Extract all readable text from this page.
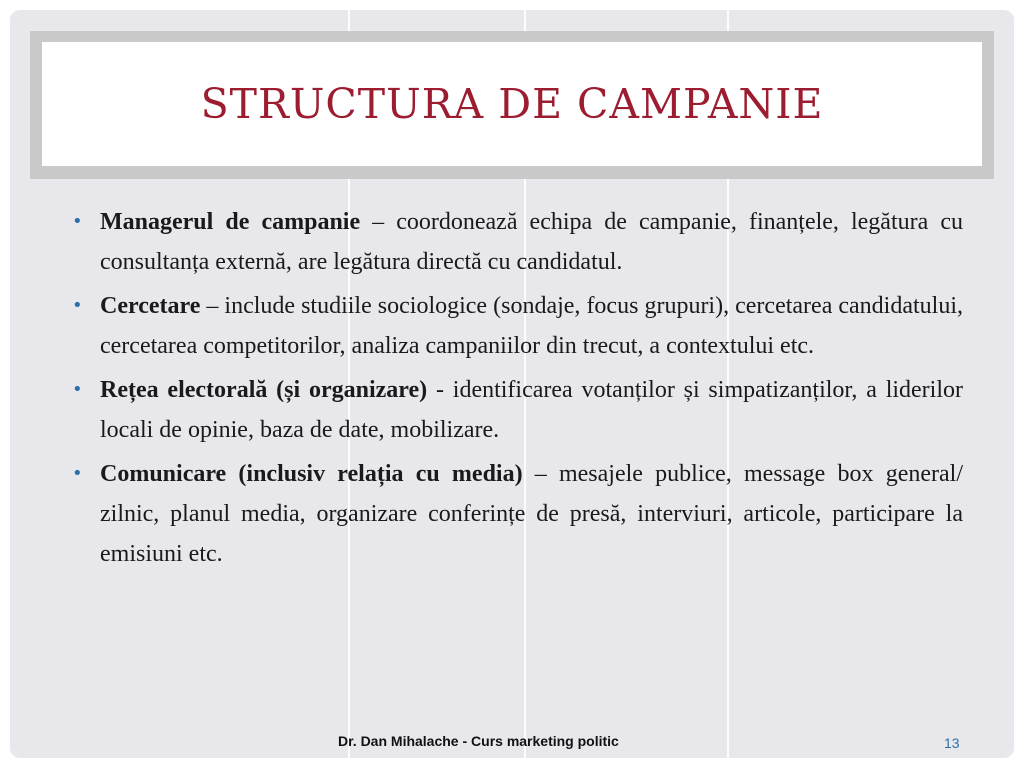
STRUCTURA DE CAMPANIE
• Managerul de campanie – coordonează echipa de campanie, finanțele, legătura cu consultanța externă, are legătura directă cu candidatul.
• Cercetare – include studiile sociologice (sondaje, focus grupuri), cercetarea candidatului, cercetarea competitorilor, analiza campaniilor din trecut, a contextului etc.
• Rețea electorală (și organizare) - identificarea votanților și simpatizanților, a liderilor locali de opinie, baza de date, mobilizare.
• Comunicare (inclusiv relația cu media) – mesajele publice, message box general/ zilnic, planul media, organizare conferințe de presă, interviuri, articole, participare la emisiuni etc.
Dr. Dan Mihalache - Curs marketing politic	13
